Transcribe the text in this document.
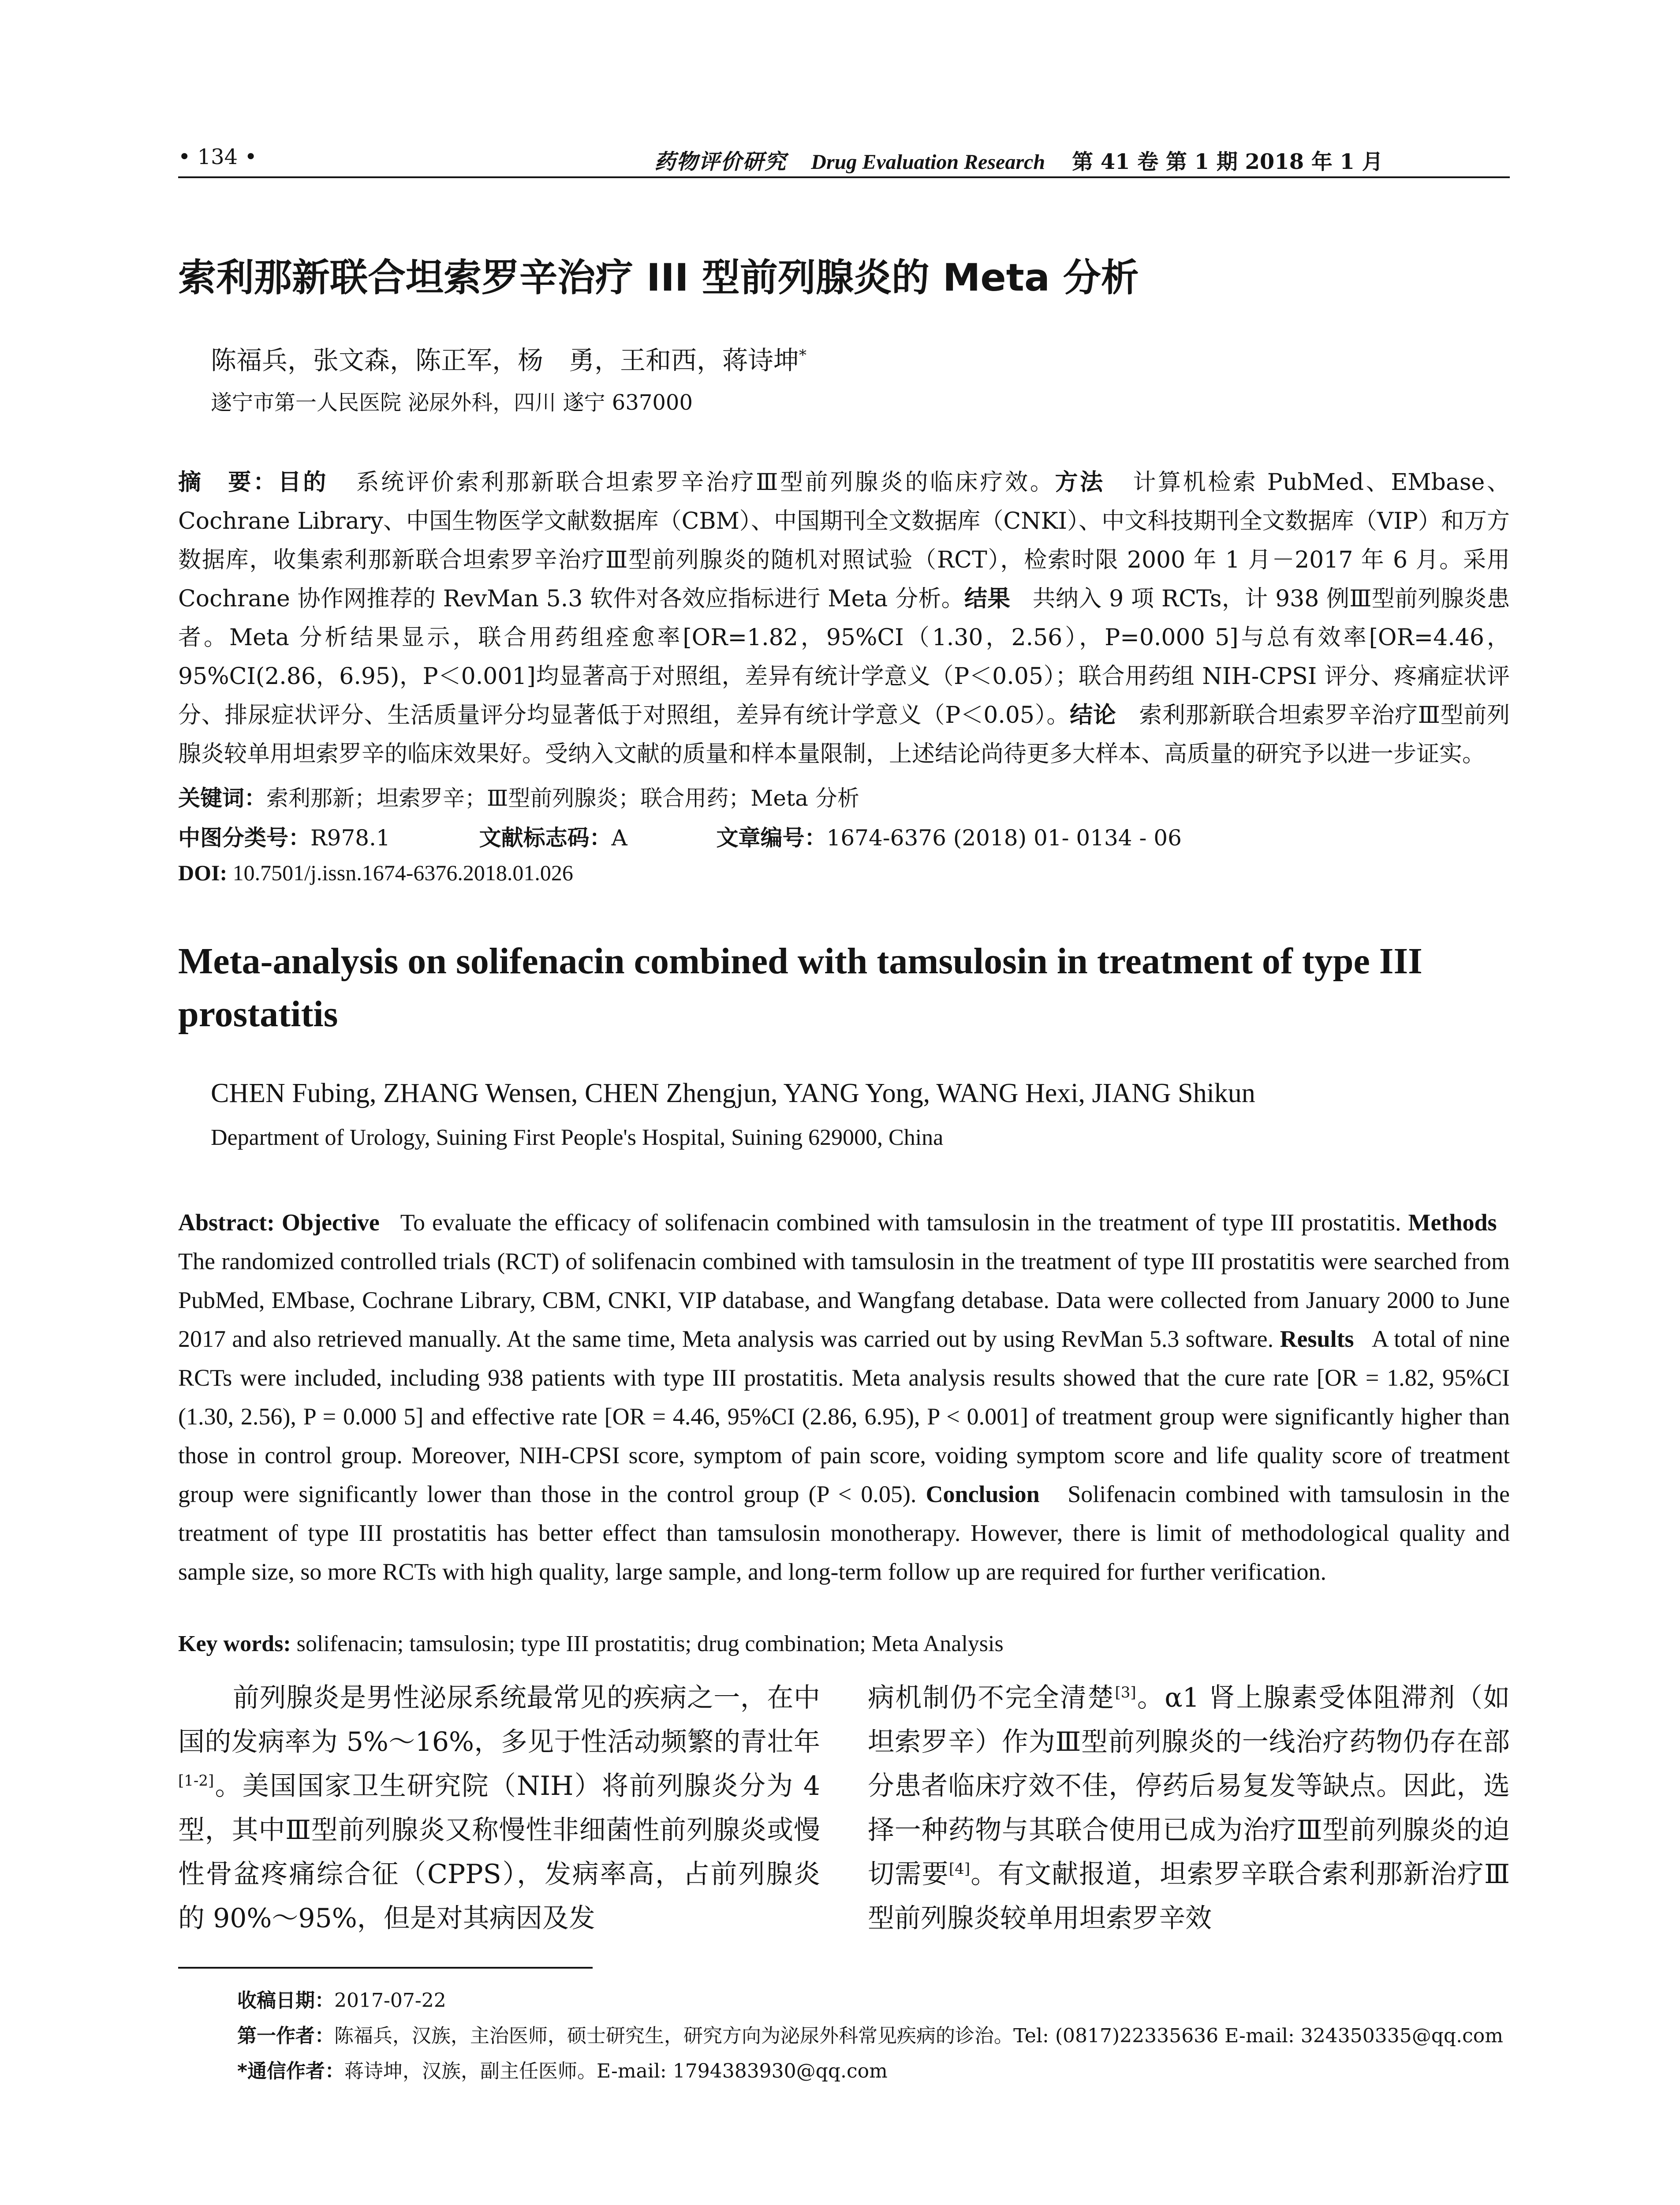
• 134 •	药物评价研究 Drug Evaluation Research 第 41 卷 第 1 期 2018 年 1 月
索利那新联合坦索罗辛治疗 III 型前列腺炎的 Meta 分析
陈福兵，张文森，陈正军，杨　勇，王和西，蒋诗坤*
遂宁市第一人民医院 泌尿外科，四川 遂宁 637000
摘　要：目的 系统评价索利那新联合坦索罗辛治疗Ⅲ型前列腺炎的临床疗效。方法 计算机检索 PubMed、EMbase、Cochrane Library、中国生物医学文献数据库（CBM）、中国期刊全文数据库（CNKI）、中文科技期刊全文数据库（VIP）和万方数据库，收集索利那新联合坦索罗辛治疗Ⅲ型前列腺炎的随机对照试验（RCT），检索时限 2000 年 1 月－2017 年 6 月。采用 Cochrane 协作网推荐的 RevMan 5.3 软件对各效应指标进行 Meta 分析。结果 共纳入 9 项 RCTs，计 938 例Ⅲ型前列腺炎患者。Meta 分析结果显示，联合用药组痊愈率[OR=1.82，95%CI（1.30，2.56），P=0.000 5]与总有效率[OR=4.46，95%CI(2.86，6.95)，P＜0.001]均显著高于对照组，差异有统计学意义（P＜0.05）；联合用药组 NIH-CPSI 评分、疼痛症状评分、排尿症状评分、生活质量评分均显著低于对照组，差异有统计学意义（P＜0.05）。结论 索利那新联合坦索罗辛治疗Ⅲ型前列腺炎较单用坦索罗辛的临床效果好。受纳入文献的质量和样本量限制，上述结论尚待更多大样本、高质量的研究予以进一步证实。
关键词：索利那新；坦索罗辛；Ⅲ型前列腺炎；联合用药；Meta 分析
中图分类号：R978.1	文献标志码：A	文章编号：1674-6376 (2018) 01- 0134 - 06
DOI: 10.7501/j.issn.1674-6376.2018.01.026
Meta-analysis on solifenacin combined with tamsulosin in treatment of type III prostatitis
CHEN Fubing, ZHANG Wensen, CHEN Zhengjun, YANG Yong, WANG Hexi, JIANG Shikun
Department of Urology, Suining First People's Hospital, Suining 629000, China
Abstract: Objective To evaluate the efficacy of solifenacin combined with tamsulosin in the treatment of type III prostatitis. Methods   The randomized controlled trials (RCT) of solifenacin combined with tamsulosin in the treatment of type III prostatitis were searched from PubMed, EMbase, Cochrane Library, CBM, CNKI, VIP database, and Wangfang detabase. Data were collected from January 2000 to June 2017 and also retrieved manually. At the same time, Meta analysis was carried out by using RevMan 5.3 software. Results A total of nine RCTs were included, including 938 patients with type III prostatitis. Meta analysis results showed that the cure rate [OR = 1.82, 95%CI (1.30, 2.56), P = 0.000 5] and effective rate [OR = 4.46, 95%CI (2.86, 6.95), P < 0.001] of treatment group were significantly higher than those in control group. Moreover, NIH-CPSI score, symptom of pain score, voiding symptom score and life quality score of treatment group were significantly lower than those in the control group (P < 0.05). Conclusion Solifenacin combined with tamsulosin in the treatment of type III prostatitis has better effect than tamsulosin monotherapy. However, there is limit of methodological quality and sample size, so more RCTs with high quality, large sample, and long-term follow up are required for further verification.
Key words: solifenacin; tamsulosin; type III prostatitis; drug combination; Meta Analysis
前列腺炎是男性泌尿系统最常见的疾病之一，在中国的发病率为 5%～16%，多见于性活动频繁的青壮年[1-2]。美国国家卫生研究院（NIH）将前列腺炎分为 4 型，其中Ⅲ型前列腺炎又称慢性非细菌性前列腺炎或慢性骨盆疼痛综合征（CPPS），发病率高，占前列腺炎的 90%～95%，但是对其病因及发
病机制仍不完全清楚[3]。α1 肾上腺素受体阻滞剂（如坦索罗辛）作为Ⅲ型前列腺炎的一线治疗药物仍存在部分患者临床疗效不佳，停药后易复发等缺点。因此，选择一种药物与其联合使用已成为治疗Ⅲ型前列腺炎的迫切需要[4]。有文献报道，坦索罗辛联合索利那新治疗Ⅲ型前列腺炎较单用坦索罗辛效
收稿日期：2017-07-22
第一作者：陈福兵，汉族，主治医师，硕士研究生，研究方向为泌尿外科常见疾病的诊治。Tel: (0817)22335636 E-mail: 324350335@qq.com
*通信作者：蒋诗坤，汉族，副主任医师。E-mail: 1794383930@qq.com
